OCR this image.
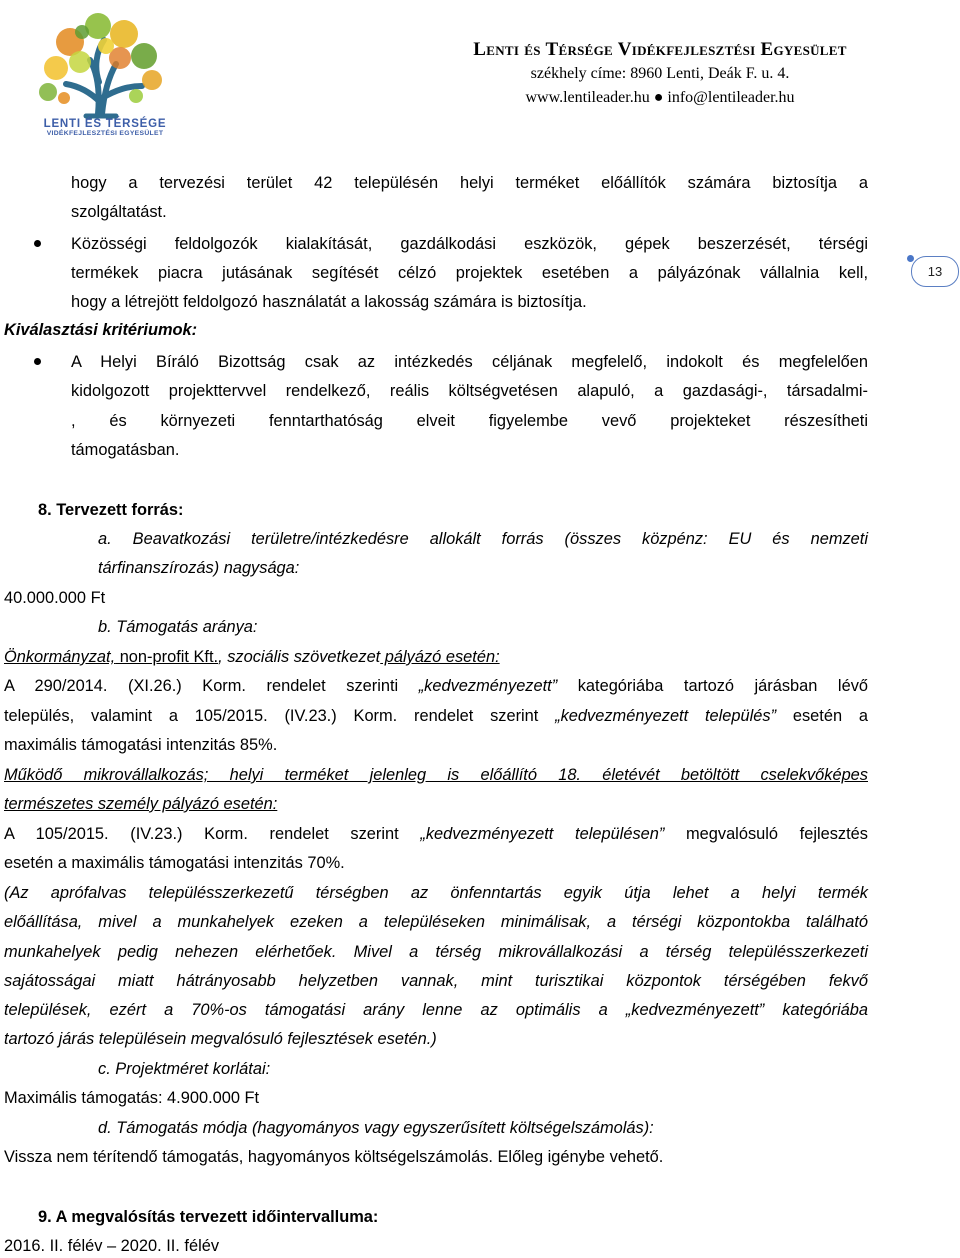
LENTI ÉS TÉRSÉGE
VIDÉKFEJLESZTÉSI EGYESÜLET
Lenti és Térsége Vidékfejlesztési Egyesület
székhely címe: 8960 Lenti, Deák F. u. 4.
www.lentileader.hu ● info@lentileader.hu
13
hogy a tervezési terület 42 településén helyi terméket előállítók számára biztosítja a
szolgáltatást.
Közösségi feldolgozók kialakítását, gazdálkodási eszközök, gépek beszerzését, térségi
termékek piacra jutásának segítését célzó projektek esetében a pályázónak vállalnia kell,
hogy a létrejött feldolgozó használatát a lakosság számára is biztosítja.
Kiválasztási kritériumok:
A Helyi Bíráló Bizottság csak az intézkedés céljának megfelelő, indokolt és megfelelően
kidolgozott projekttervvel rendelkező, reális költségvetésen alapuló, a gazdasági-, társadalmi-
, és környezeti fenntarthatóság elveit figyelembe vevő projekteket részesítheti
támogatásban.
8. Tervezett forrás:
a. Beavatkozási területre/intézkedésre allokált forrás (összes közpénz: EU és nemzeti
tárfinanszírozás) nagysága:
40.000.000 Ft
b. Támogatás aránya:
Önkormányzat, non-profit Kft., szociális szövetkezet pályázó esetén:
A 290/2014. (XI.26.) Korm. rendelet szerinti „kedvezményezett” kategóriába tartozó járásban lévő
település, valamint a 105/2015. (IV.23.) Korm. rendelet szerint „kedvezményezett település” esetén a
maximális támogatási intenzitás 85%.
Működő mikrovállalkozás; helyi terméket jelenleg is előállító 18. életévét betöltött cselekvőképes
természetes személy pályázó esetén:
A 105/2015. (IV.23.) Korm. rendelet szerint „kedvezményezett településen” megvalósuló fejlesztés
esetén a maximális támogatási intenzitás 70%.
(Az aprófalvas településszerkezetű térségben az önfenntartás egyik útja lehet a helyi termék
előállítása, mivel a munkahelyek ezeken a településeken minimálisak, a térségi központokba található
munkahelyek pedig nehezen elérhetőek. Mivel a térség mikrovállalkozási a térség településszerkezeti
sajátosságai miatt hátrányosabb helyzetben vannak, mint turisztikai központok térségében fekvő
települések, ezért a 70%-os támogatási arány lenne az optimális a „kedvezményezett” kategóriába
tartozó járás településein megvalósuló fejlesztések esetén.)
c. Projektméret korlátai:
Maximális támogatás: 4.900.000 Ft
d. Támogatás módja (hagyományos vagy egyszerűsített költségelszámolás):
Vissza nem térítendő támogatás, hagyományos költségelszámolás. Előleg igénybe vehető.
9. A megvalósítás tervezett időintervalluma:
2016. II. félév – 2020. II. félév
